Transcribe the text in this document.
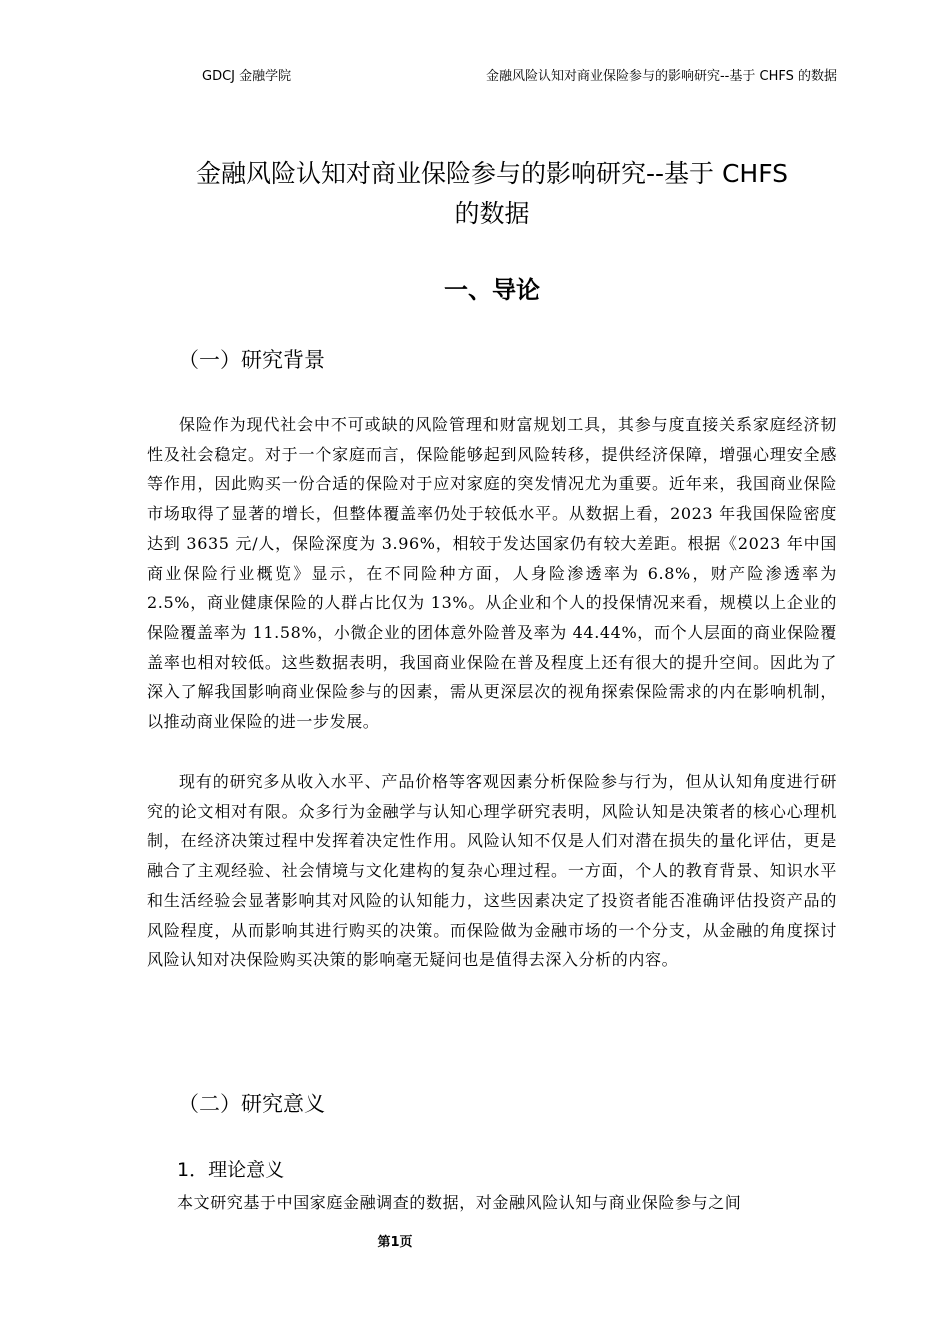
GDCJ 金融学院	金融风险认知对商业保险参与的影响研究--基于 CHFS 的数据
金融风险认知对商业保险参与的影响研究--基于 CHFS
的数据
一、导论
（一）研究背景

保险作为现代社会中不可或缺的风险管理和财富规划工具，其参与度直接关系家庭经济韧性及社会稳定。对于一个家庭而言，保险能够起到风险转移，提供经济保障，增强心理安全感等作用，因此购买一份合适的保险对于应对家庭的突发情况尤为重要。近年来，我国商业保险市场取得了显著的增长，但整体覆盖率仍处于较低水平。从数据上看，2023 年我国保险密度达到 3635 元/人，保险深度为 3.96%，相较于发达国家仍有较大差距。根据《2023 年中国商业保险行业概览》显示，在不同险种方面，人身险渗透率为 6.8%，财产险渗透率为 2.5%，商业健康保险的人群占比仅为 13%。从企业和个人的投保情况来看，规模以上企业的保险覆盖率为 11.58%，小微企业的团体意外险普及率为 44.44%，而个人层面的商业保险覆盖率也相对较低。这些数据表明，我国商业保险在普及程度上还有很大的提升空间。因此为了深入了解我国影响商业保险参与的因素，需从更深层次的视角探索保险需求的内在影响机制，以推动商业保险的进一步发展。

现有的研究多从收入水平、产品价格等客观因素分析保险参与行为，但从认知角度进行研究的论文相对有限。众多行为金融学与认知心理学研究表明，风险认知是决策者的核心心理机制，在经济决策过程中发挥着决定性作用。风险认知不仅是人们对潜在损失的量化评估，更是融合了主观经验、社会情境与文化建构的复杂心理过程。一方面，个人的教育背景、知识水平和生活经验会显著影响其对风险的认知能力，这些因素决定了投资者能否准确评估投资产品的风险程度，从而影响其进行购买的决策。而保险做为金融市场的一个分支，从金融的角度探讨风险认知对决保险购买决策的影响毫无疑问也是值得去深入分析的内容。

（二）研究意义
1．理论意义

本文研究基于中国家庭金融调查的数据，对金融风险认知与商业保险参与之间

第1页
